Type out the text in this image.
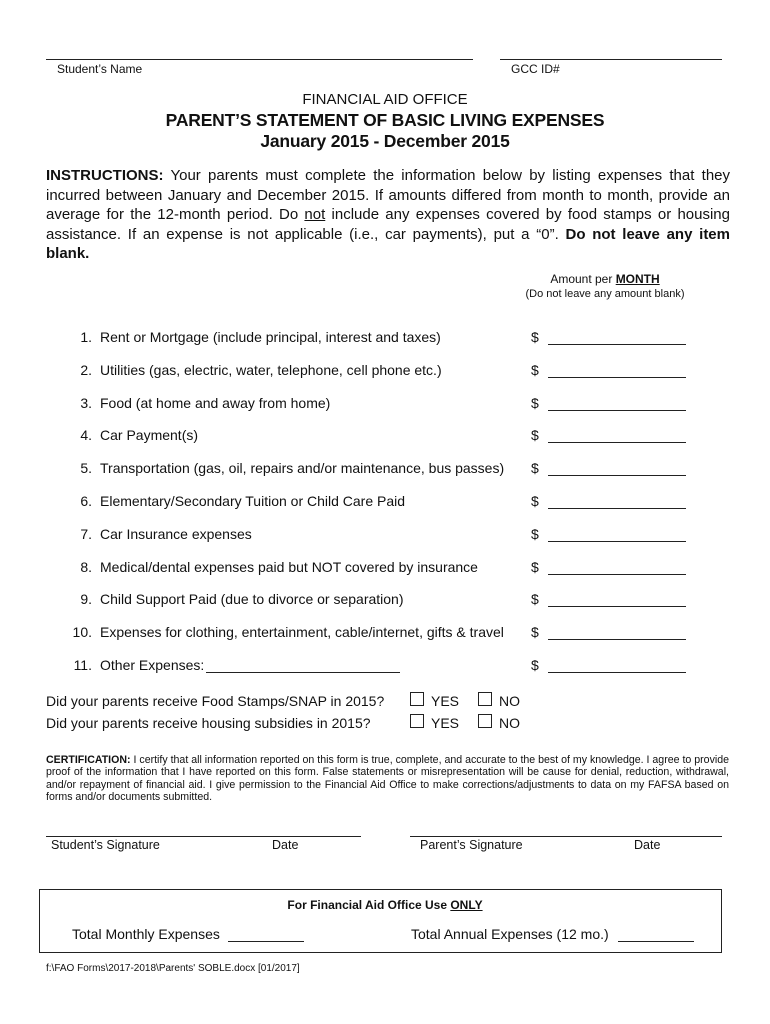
Student’s Name	GCC ID#
FINANCIAL AID OFFICE
PARENT’S STATEMENT OF BASIC LIVING EXPENSES
January 2015 - December 2015
INSTRUCTIONS: Your parents must complete the information below by listing expenses that they incurred between January and December 2015. If amounts differed from month to month, provide an average for the 12-month period. Do not include any expenses covered by food stamps or housing assistance. If an expense is not applicable (i.e., car payments), put a “0”. Do not leave any item blank.
Amount per MONTH
(Do not leave any amount blank)
1. Rent or Mortgage (include principal, interest and taxes)	$
2. Utilities (gas, electric, water, telephone, cell phone etc.)	$
3. Food (at home and away from home)	$
4. Car Payment(s)	$
5. Transportation (gas, oil, repairs and/or maintenance, bus passes) $
6. Elementary/Secondary Tuition or Child Care Paid	$
7. Car Insurance expenses	$
8. Medical/dental expenses paid but NOT covered by insurance	$
9. Child Support Paid (due to divorce or separation)	$
10. Expenses for clothing, entertainment, cable/internet, gifts & travel $
11. Other Expenses:	$
Did your parents receive Food Stamps/SNAP in 2015?	YES	NO
Did your parents receive housing subsidies in 2015?	YES	NO
CERTIFICATION: I certify that all information reported on this form is true, complete, and accurate to the best of my knowledge. I agree to provide proof of the information that I have reported on this form. False statements or misrepresentation will be cause for denial, reduction, withdrawal, and/or repayment of financial aid. I give permission to the Financial Aid Office to make corrections/adjustments to data on my FAFSA based on forms and/or documents submitted.
Student’s Signature	Date	Parent’s Signature	Date
For Financial Aid Office Use ONLY
Total Monthly Expenses	Total Annual Expenses (12 mo.)
f:\FAO Forms\2017-2018\Parents' SOBLE.docx [01/2017]
